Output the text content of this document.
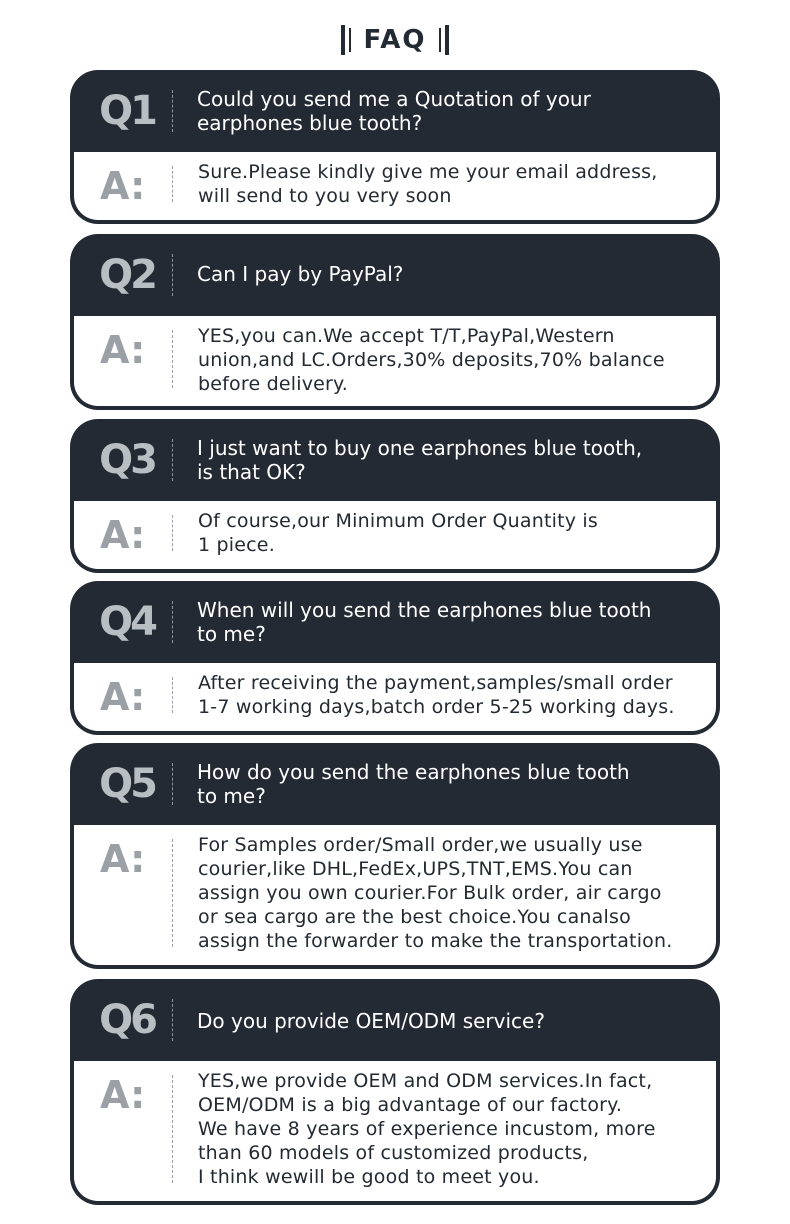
FAQ
Q1	Could you send me a Quotation of your
earphones blue tooth?
A:	Sure.Please kindly give me your email address,
will send to you very soon
Q2	Can I pay by PayPal?
A:	YES,you can.We accept T/T,PayPal,Western
union,and LC.Orders,30% deposits,70% balance
before delivery.
Q3	I just want to buy one earphones blue tooth,
is that OK?
A:	Of course,our Minimum Order Quantity is
1 piece.
Q4	When will you send the earphones blue tooth
to me?
A:	After receiving the payment,samples/small order
1-7 working days,batch order 5-25 working days.
Q5	How do you send the earphones blue tooth
to me?
A:	For Samples order/Small order,we usually use
courier,like DHL,FedEx,UPS,TNT,EMS.You can
assign you own courier.For Bulk order, air cargo
or sea cargo are the best choice.You canalso
assign the forwarder to make the transportation.
Q6	Do you provide OEM/ODM service?
A:	YES,we provide OEM and ODM services.In fact,
OEM/ODM is a big advantage of our factory.
We have 8 years of experience incustom, more
than 60 models of customized products,
I think wewill be good to meet you.
